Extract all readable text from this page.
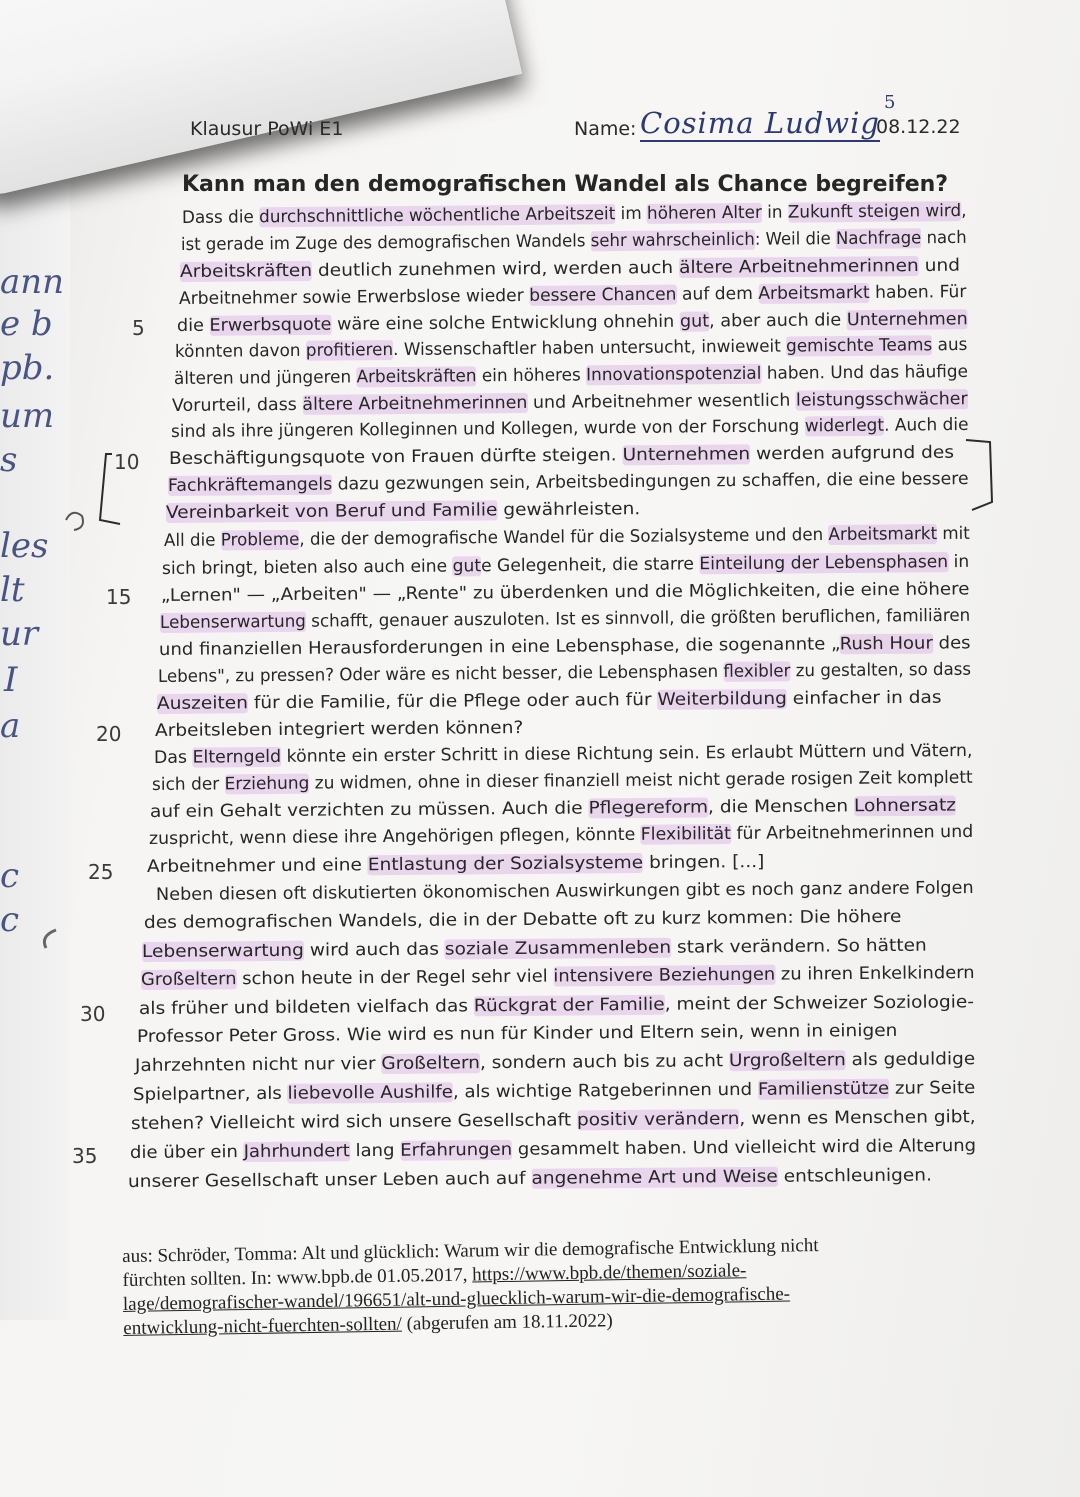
ann
e b
pb.
um
s
les
lt
ur
I
a
c
c
Klausur PoWi E1	Name: Cosima Ludwig
5
08.12.22
Kann man den demografischen Wandel als Chance begreifen?
5
10
15
20
25
30
35
Dass die durchschnittliche wöchentliche Arbeitszeit im höheren Alter in Zukunft steigen wird,
ist gerade im Zuge des demografischen Wandels sehr wahrscheinlich: Weil die Nachfrage nach
Arbeitskräften deutlich zunehmen wird, werden auch ältere Arbeitnehmerinnen und
Arbeitnehmer sowie Erwerbslose wieder bessere Chancen auf dem Arbeitsmarkt haben. Für
die Erwerbsquote wäre eine solche Entwicklung ohnehin gut, aber auch die Unternehmen
könnten davon profitieren. Wissenschaftler haben untersucht, inwieweit gemischte Teams aus
älteren und jüngeren Arbeitskräften ein höheres Innovationspotenzial haben. Und das häufige
Vorurteil, dass ältere Arbeitnehmerinnen und Arbeitnehmer wesentlich leistungsschwächer
sind als ihre jüngeren Kolleginnen und Kollegen, wurde von der Forschung widerlegt. Auch die
Beschäftigungsquote von Frauen dürfte steigen. Unternehmen werden aufgrund des
Fachkräftemangels dazu gezwungen sein, Arbeitsbedingungen zu schaffen, die eine bessere
Vereinbarkeit von Beruf und Familie gewährleisten.
All die Probleme, die der demografische Wandel für die Sozialsysteme und den Arbeitsmarkt mit
sich bringt, bieten also auch eine gute Gelegenheit, die starre Einteilung der Lebensphasen in
„Lernen" — „Arbeiten" — „Rente" zu überdenken und die Möglichkeiten, die eine höhere
Lebenserwartung schafft, genauer auszuloten. Ist es sinnvoll, die größten beruflichen, familiären
und finanziellen Herausforderungen in eine Lebensphase, die sogenannte „Rush Hour des
Lebens", zu pressen? Oder wäre es nicht besser, die Lebensphasen flexibler zu gestalten, so dass
Auszeiten für die Familie, für die Pflege oder auch für Weiterbildung einfacher in das
Arbeitsleben integriert werden können?
Das Elterngeld könnte ein erster Schritt in diese Richtung sein. Es erlaubt Müttern und Vätern,
sich der Erziehung zu widmen, ohne in dieser finanziell meist nicht gerade rosigen Zeit komplett
auf ein Gehalt verzichten zu müssen. Auch die Pflegereform, die Menschen Lohnersatz
zuspricht, wenn diese ihre Angehörigen pflegen, könnte Flexibilität für Arbeitnehmerinnen und
Arbeitnehmer und eine Entlastung der Sozialsysteme bringen. [...]
Neben diesen oft diskutierten ökonomischen Auswirkungen gibt es noch ganz andere Folgen
des demografischen Wandels, die in der Debatte oft zu kurz kommen: Die höhere
Lebenserwartung wird auch das soziale Zusammenleben stark verändern. So hätten
Großeltern schon heute in der Regel sehr viel intensivere Beziehungen zu ihren Enkelkindern
als früher und bildeten vielfach das Rückgrat der Familie, meint der Schweizer Soziologie-
Professor Peter Gross. Wie wird es nun für Kinder und Eltern sein, wenn in einigen
Jahrzehnten nicht nur vier Großeltern, sondern auch bis zu acht Urgroßeltern als geduldige
Spielpartner, als liebevolle Aushilfe, als wichtige Ratgeberinnen und Familienstütze zur Seite
stehen? Vielleicht wird sich unsere Gesellschaft positiv verändern, wenn es Menschen gibt,
die über ein Jahrhundert lang Erfahrungen gesammelt haben. Und vielleicht wird die Alterung
unserer Gesellschaft unser Leben auch auf angenehme Art und Weise entschleunigen.
aus: Schröder, Tomma: Alt und glücklich: Warum wir die demografische Entwicklung nicht
fürchten sollten. In: www.bpb.de 01.05.2017, https://www.bpb.de/themen/soziale-
lage/demografischer-wandel/196651/alt-und-gluecklich-warum-wir-die-demografische-
entwicklung-nicht-fuerchten-sollten/ (abgerufen am 18.11.2022)
